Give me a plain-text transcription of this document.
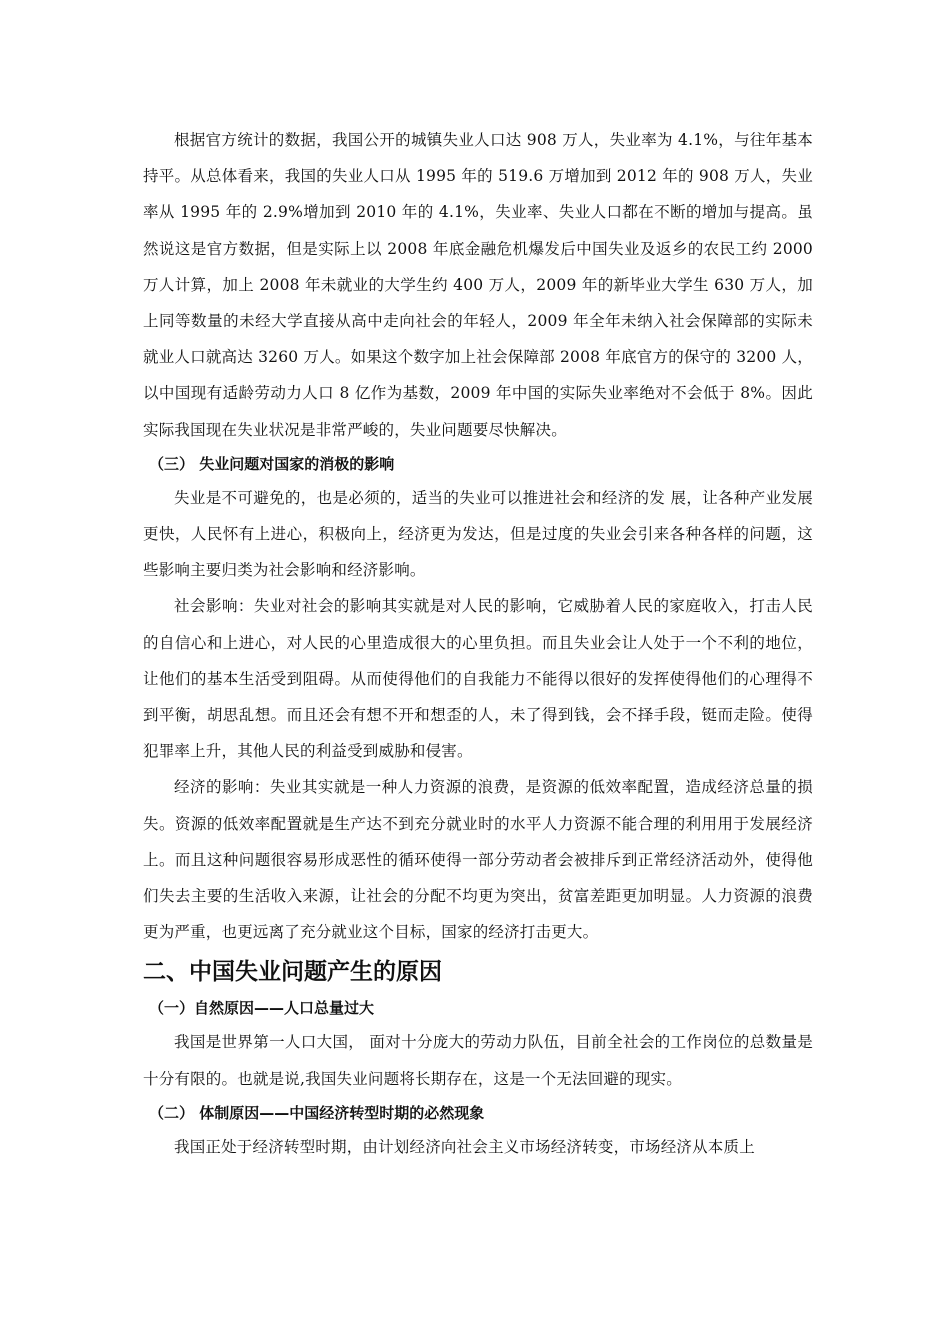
根据官方统计的数据，我国公开的城镇失业人口达 908 万人，失业率为 4.1%，与往年基本持平。从总体看来，我国的失业人口从 1995 年的 519.6 万增加到 2012 年的 908 万人，失业率从 1995 年的 2.9%增加到 2010 年的 4.1%，失业率、失业人口都在不断的增加与提高。虽然说这是官方数据，但是实际上以 2008 年底金融危机爆发后中国失业及返乡的农民工约 2000 万人计算，加上 2008 年未就业的大学生约 400 万人，2009 年的新毕业大学生 630 万人，加上同等数量的未经大学直接从高中走向社会的年轻人，2009 年全年未纳入社会保障部的实际未就业人口就高达 3260 万人。如果这个数字加上社会保障部 2008 年底官方的保守的 3200 人，以中国现有适龄劳动力人口 8 亿作为基数，2009 年中国的实际失业率绝对不会低于 8%。因此实际我国现在失业状况是非常严峻的，失业问题要尽快解决。

（三） 失业问题对国家的消极的影响

失业是不可避免的，也是必须的，适当的失业可以推进社会和经济的发 展，让各种产业发展更快，人民怀有上进心，积极向上，经济更为发达，但是过度的失业会引来各种各样的问题，这些影响主要归类为社会影响和经济影响。

社会影响：失业对社会的影响其实就是对人民的影响，它威胁着人民的家庭收入，打击人民的自信心和上进心，对人民的心里造成很大的心里负担。而且失业会让人处于一个不利的地位，让他们的基本生活受到阻碍。从而使得他们的自我能力不能得以很好的发挥使得他们的心理得不到平衡，胡思乱想。而且还会有想不开和想歪的人，未了得到钱，会不择手段，铤而走险。使得犯罪率上升，其他人民的利益受到威胁和侵害。

经济的影响：失业其实就是一种人力资源的浪费，是资源的低效率配置，造成经济总量的损失。资源的低效率配置就是生产达不到充分就业时的水平人力资源不能合理的利用用于发展经济上。而且这种问题很容易形成恶性的循环使得一部分劳动者会被排斥到正常经济活动外，使得他们失去主要的生活收入来源，让社会的分配不均更为突出，贫富差距更加明显。人力资源的浪费更为严重，也更远离了充分就业这个目标，国家的经济打击更大。

二、中国失业问题产生的原因

（一）自然原因——人口总量过大

我国是世界第一人口大国， 面对十分庞大的劳动力队伍，目前全社会的工作岗位的总数量是十分有限的。也就是说,我国失业问题将长期存在，这是一个无法回避的现实。

（二） 体制原因——中国经济转型时期的必然现象

我国正处于经济转型时期，由计划经济向社会主义市场经济转变，市场经济从本质上
